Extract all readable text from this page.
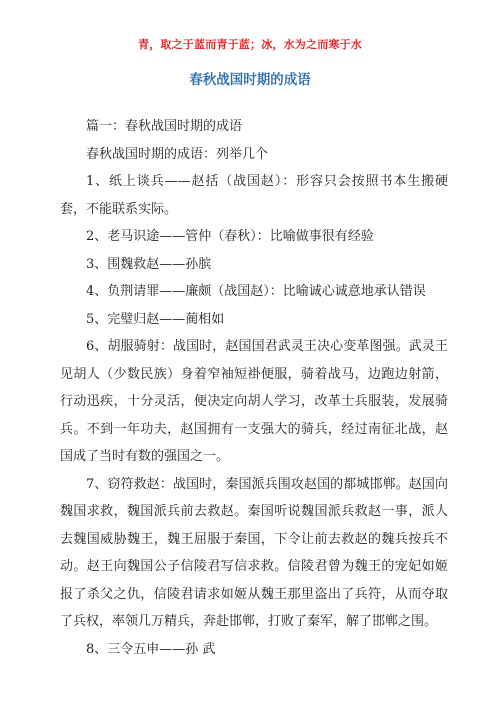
青，取之于蓝而青于蓝；冰，水为之而寒于水
春秋战国时期的成语

篇一：春秋战国时期的成语

春秋战国时期的成语：列举几个

1、纸上谈兵——赵括（战国赵）：形容只会按照书本生搬硬套，不能联系实际。

2、老马识途——管仲（春秋）：比喻做事很有经验

3、围魏救赵——孙膑

4、负荆请罪——廉颇（战国赵）：比喻诚心诚意地承认错误

5、完璧归赵——蔺相如

6、胡服骑射：战国时，赵国国君武灵王决心变革图强。武灵王见胡人（少数民族）身着窄袖短褂便服，骑着战马，边跑边射箭，行动迅疾，十分灵活，便决定向胡人学习，改革士兵服装，发展骑兵。不到一年功夫，赵国拥有一支强大的骑兵，经过南征北战，赵国成了当时有数的强国之一。

7、窃符救赵：战国时，秦国派兵围攻赵国的都城邯郸。赵国向魏国求救，魏国派兵前去救赵。秦国听说魏国派兵救赵一事，派人去魏国威胁魏王，魏王屈服于秦国，下令让前去救赵的魏兵按兵不动。赵王向魏国公子信陵君写信求救。信陵君曾为魏王的宠妃如姬报了杀父之仇，信陵君请求如姬从魏王那里盗出了兵符，从而夺取了兵权，率领几万精兵，奔赴邯郸，打败了秦军，解了邯郸之围。

8、三令五申——孙 武
